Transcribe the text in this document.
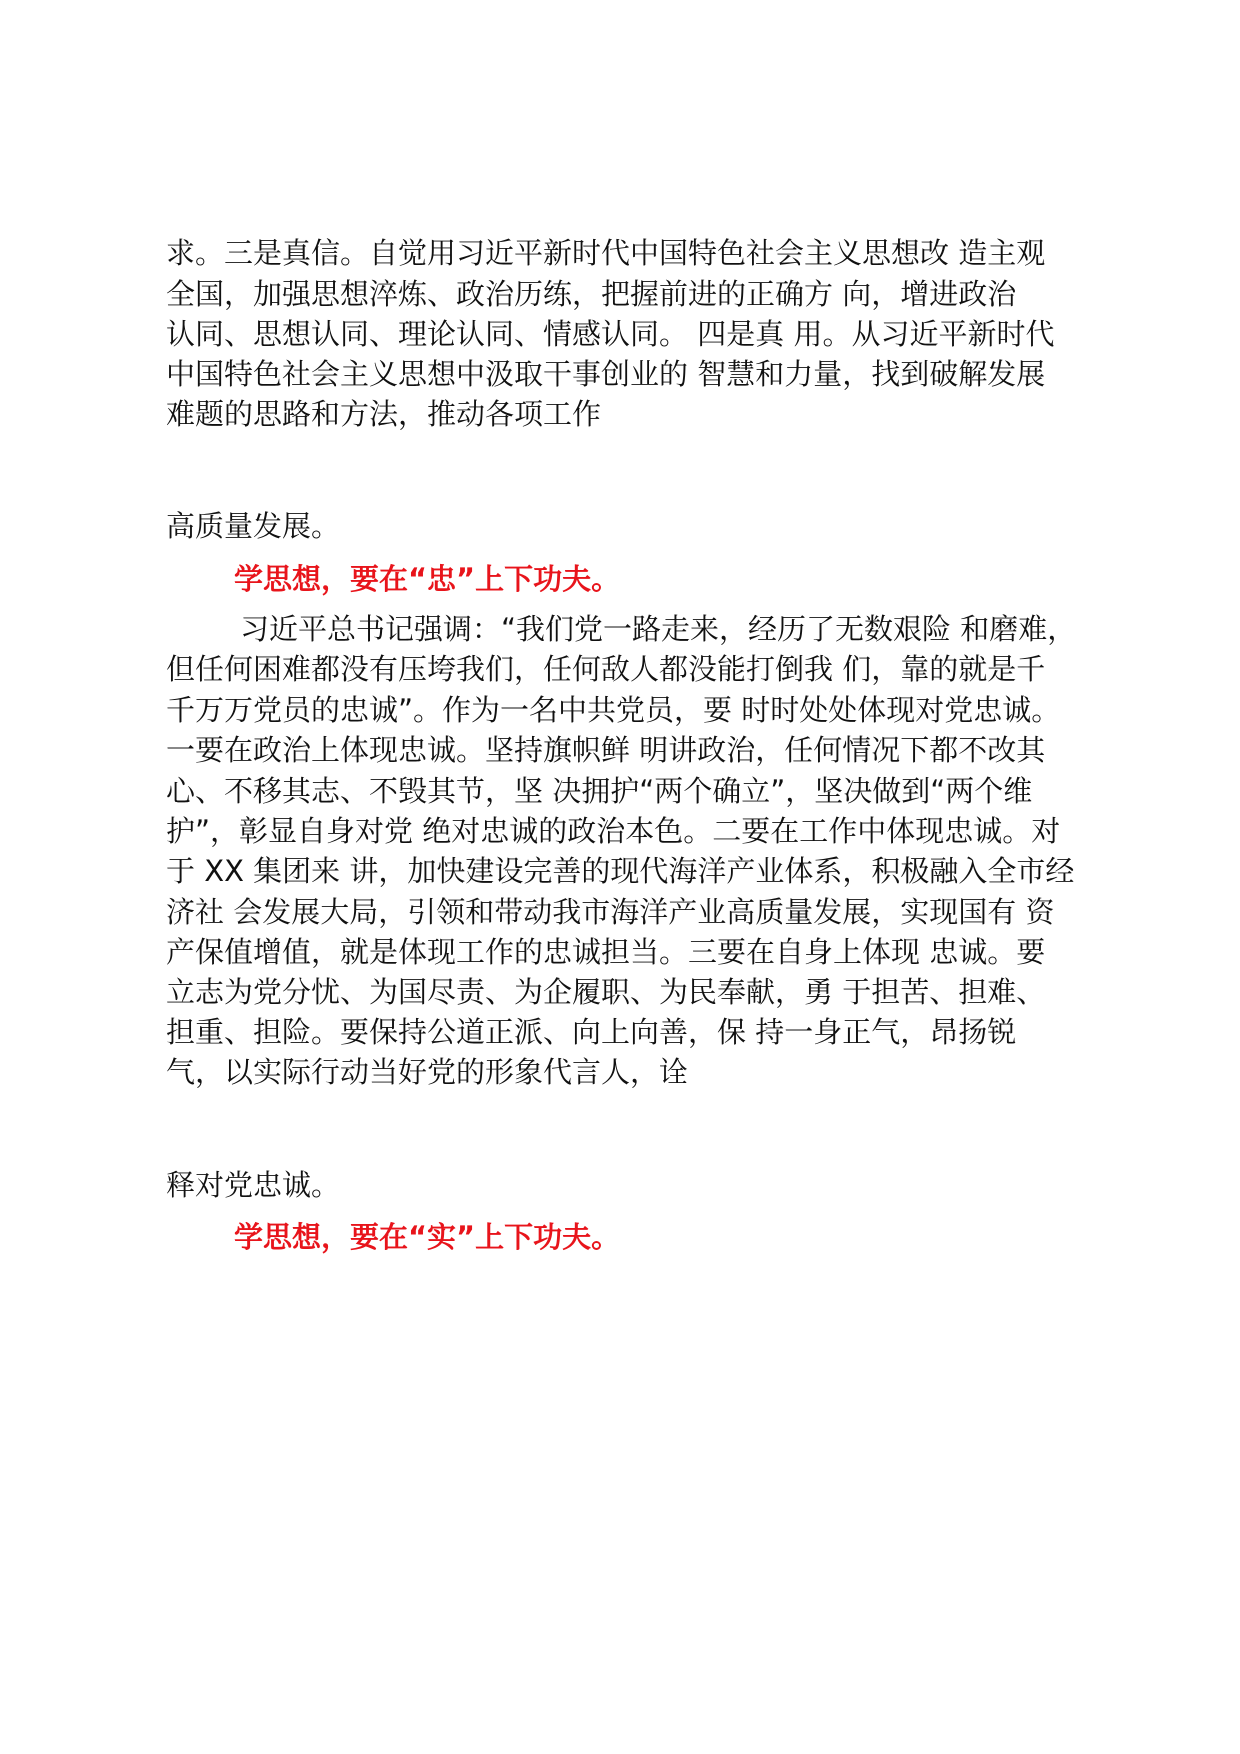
求。三是真信。自觉用习近平新时代中国特色社会主义思想改 造主观
全国，加强思想淬炼、政治历练，把握前进的正确方 向，增进政治
认同、思想认同、理论认同、情感认同。 四是真 用。从习近平新时代
中国特色社会主义思想中汲取干事创业的 智慧和力量，找到破解发展
难题的思路和方法，推动各项工作
高质量发展。
学思想，要在“忠”上下功夫。
习近平总书记强调：“我们党一路走来，经历了无数艰险 和磨难，
但任何困难都没有压垮我们，任何敌人都没能打倒我 们，靠的就是千
千万万党员的忠诚”。作为一名中共党员，要 时时处处体现对党忠诚。
一要在政治上体现忠诚。坚持旗帜鲜 明讲政治，任何情况下都不改其
心、不移其志、不毁其节，坚 决拥护“两个确立”，坚决做到“两个维
护”，彰显自身对党 绝对忠诚的政治本色。二要在工作中体现忠诚。对
于 XX 集团来 讲，加快建设完善的现代海洋产业体系，积极融入全市经
济社 会发展大局，引领和带动我市海洋产业高质量发展，实现国有 资
产保值增值，就是体现工作的忠诚担当。三要在自身上体现 忠诚。要
立志为党分忧、为国尽责、为企履职、为民奉献，勇 于担苦、担难、
担重、担险。要保持公道正派、向上向善，保 持一身正气，昂扬锐
气，以实际行动当好党的形象代言人，诠
释对党忠诚。
学思想，要在“实”上下功夫。
